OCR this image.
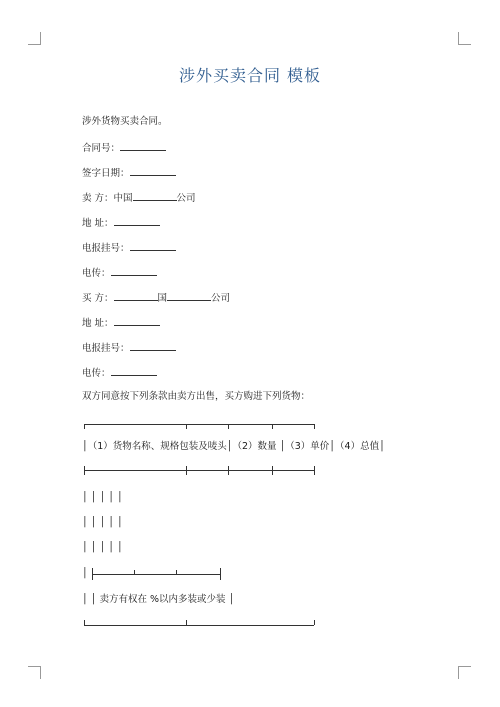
涉外买卖合同 模板
涉外货物买卖合同。
合同号：
签字日期：
卖 方：中国	公司
地 址：
电报挂号：
电传：
买 方：	国	公司
地 址：
电报挂号：
电传：
双方同意按下列条款由卖方出售，买方购进下列货物：
│（1）货物名称、规格包装及唛头│（2）数量 │（3）单价│（4）总值│
│ │ │ │ │
│ │ │ │ │
│ │ │ │ │
│
│ │ 卖方有权在 %以内多装或少装 │
